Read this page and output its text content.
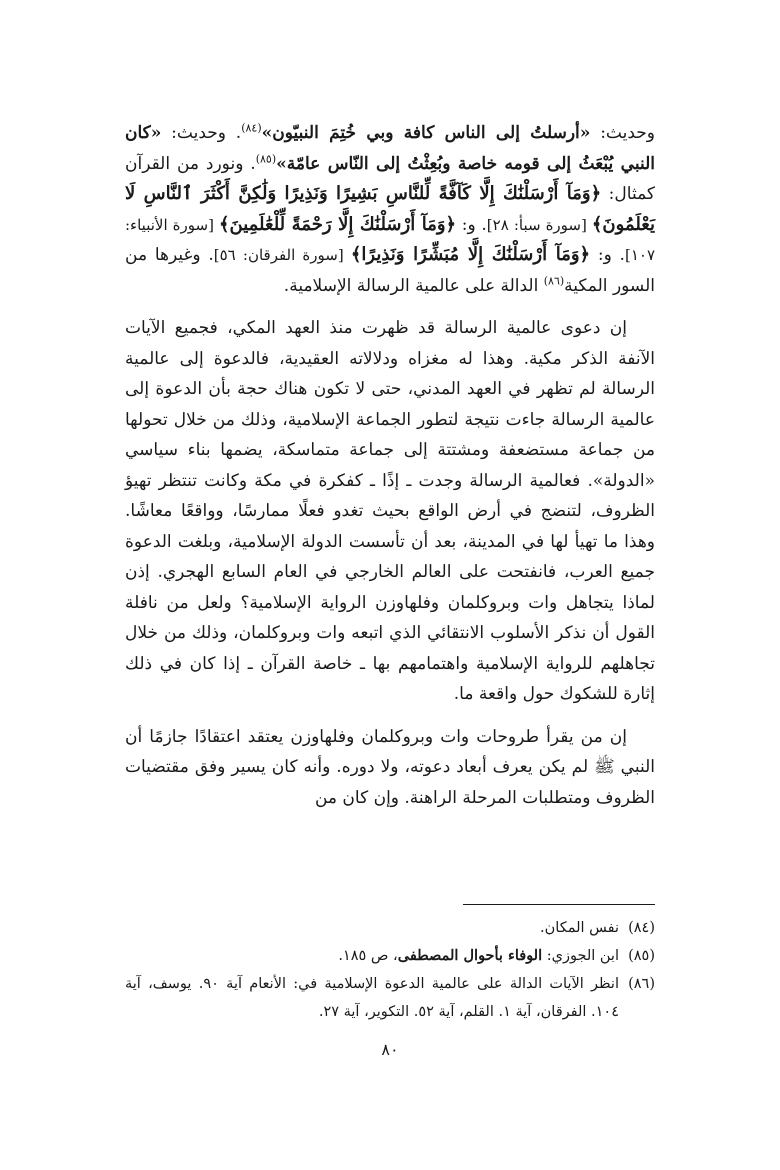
وحديث: «أرسلتُ إلى الناس كافة وبي خُتِمَ النبيّون»$^{(٨٤)}$. وحديث: «كان النبي يُبْعَثُ إلى قومه خاصة وبُعِثْتُ إلى النّاس عامّة»$^{(٨٥)}$. ونورد من القرآن كمثال: ﴿وَمَآ أَرْسَلْنَٰكَ إِلَّا كَآفَّةً لِّلنَّاسِ بَشِيرًا وَنَذِيرًا وَلَٰكِنَّ أَكْثَرَ ٱلنَّاسِ لَا يَعْلَمُونَ﴾ [سورة سبأ: ٢٨]. و: ﴿وَمَآ أَرْسَلْنَٰكَ إِلَّا رَحْمَةً لِّلْعَٰلَمِينَ﴾ [سورة الأنبياء: ١٠٧]. و: ﴿وَمَآ أَرْسَلْنَٰكَ إِلَّا مُبَشِّرًا وَنَذِيرًا﴾ [سورة الفرقان: ٥٦]. وغيرها من السور المكية$^{(٨٦)}$ الدالة على عالمية الرسالة الإسلامية.

إن دعوى عالمية الرسالة قد ظهرت منذ العهد المكي، فجميع الآيات الآنفة الذكر مكية. وهذا له مغزاه ودلالاته العقيدية، فالدعوة إلى عالمية الرسالة لم تظهر في العهد المدني، حتى لا تكون هناك حجة بأن الدعوة إلى عالمية الرسالة جاءت نتيجة لتطور الجماعة الإسلامية، وذلك من خلال تحولها من جماعة مستضعفة ومشتتة إلى جماعة متماسكة، يضمها بناء سياسي «الدولة». فعالمية الرسالة وجدت ـ إذًا ـ كفكرة في مكة وكانت تنتظر تهيؤ الظروف، لتنضج في أرض الواقع بحيث تغدو فعلًا ممارسًا، وواقعًا معاشًا. وهذا ما تهيأ لها في المدينة، بعد أن تأسست الدولة الإسلامية، وبلغت الدعوة جميع العرب، فانفتحت على العالم الخارجي في العام السابع الهجري. إذن لماذا يتجاهل وات وبروكلمان وفلهاوزن الرواية الإسلامية؟ ولعل من نافلة القول أن نذكر الأسلوب الانتقائي الذي اتبعه وات وبروكلمان، وذلك من خلال تجاهلهم للرواية الإسلامية واهتمامهم بها ـ خاصة القرآن ـ إذا كان في ذلك إثارة للشكوك حول واقعة ما.

إن من يقرأ طروحات وات وبروكلمان وفلهاوزن يعتقد اعتقادًا جازمًا أن النبي ﷺ لم يكن يعرف أبعاد دعوته، ولا دوره. وأنه كان يسير وفق مقتضيات الظروف ومتطلبات المرحلة الراهنة. وإن كان من

(٨٤)
نفس المكان.
(٨٥)
ابن الجوزي: الوفاء بأحوال المصطفى، ص ١٨٥.
(٨٦)
انظر الآيات الدالة على عالمية الدعوة الإسلامية في: الأنعام آية ٩٠. يوسف، آية ١٠٤. الفرقان، آية ١. القلم، آية ٥٢. التكوير، آية ٢٧.
٨٠
